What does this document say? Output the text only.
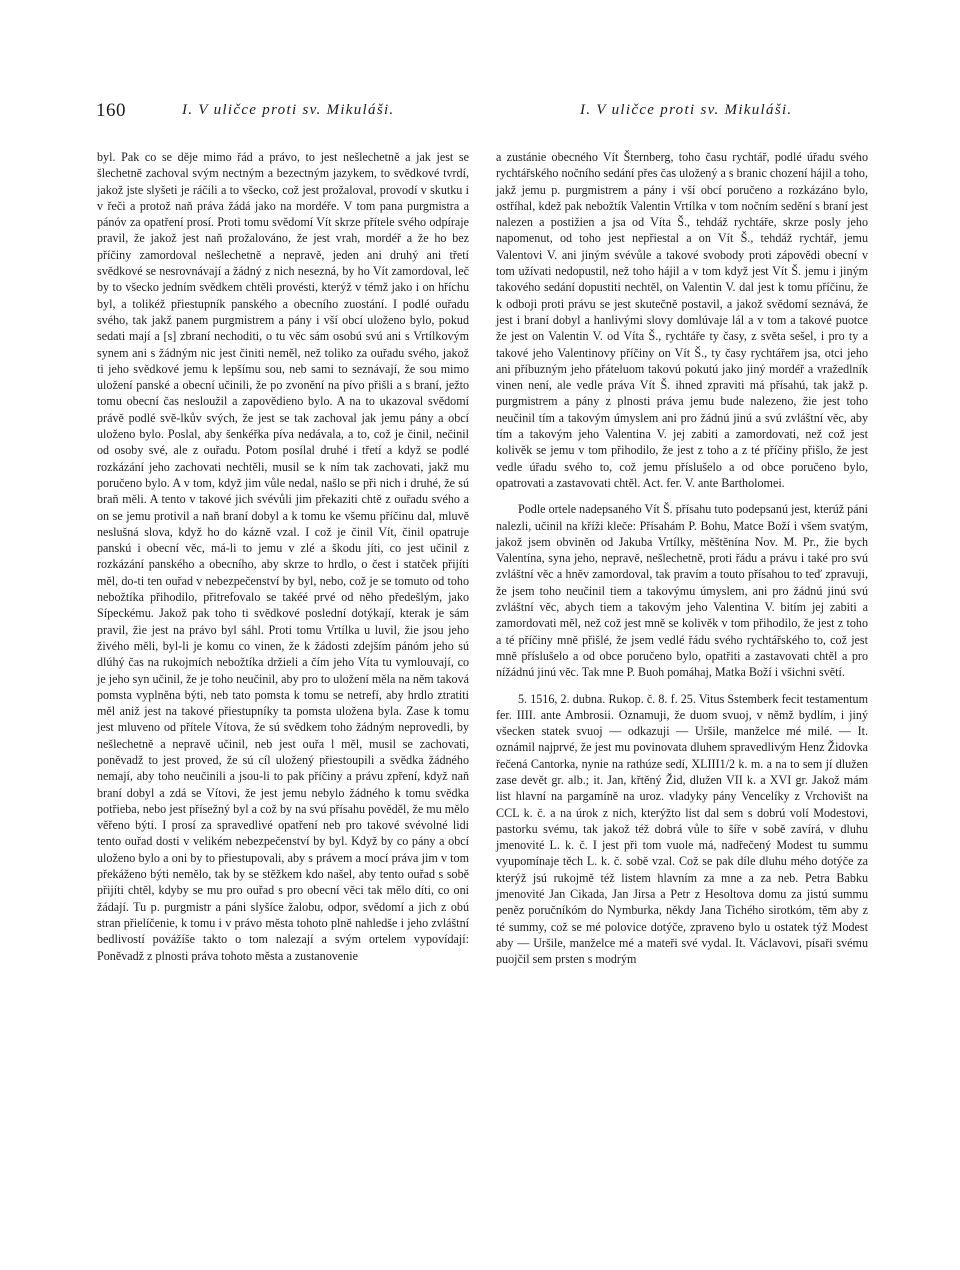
160	I. V uličce proti sv. Mikuláši.	I. V uličce proti sv. Mikuláši.

byl. Pak co se děje mimo řád a právo, to jest nešlechetně a jak jest se šlechetně zachoval svým nectným a bezectným jazykem, to svědkové tvrdí, jakož jste slyšeti je ráčili a to všecko, což jest prožaloval, provodí v skutku i v řeči a protož naň práva žádá jako na mordéře. V tom pana purgmistra a pánóv za opatření prosí. Proti tomu svědomí Vít skrze přítele svého odpíraje pravil, že jakož jest naň prožalováno, že jest vrah, mordéř a že ho bez příčiny zamordoval nešlechetně a nepravě, jeden ani druhý ani třetí svědkové se nesrovnávají a žádný z nich nesezná, by ho Vít zamordoval, leč by to všecko jedním svědkem chtěli provésti, kterýž v témž jako i on hříchu byl, a tolikéž přiestupník panského a obecního zuostání. I podlé ouřadu svého, tak jakž panem purgmistrem a pány i vší obcí uloženo bylo, pokud sedati mají a [s] zbraní nechoditi, o tu věc sám osobú svú ani s Vrtílkovým synem ani s žádným nic jest činiti neměl, než toliko za ouřadu svého, jakož ti jeho svědkové jemu k lepšímu sou, neb sami to seznávají, že sou mimo uložení panské a obecní učinili, že po zvonění na pívo přišli a s braní, ježto tomu obecní čas nesloužil a zapovědieno bylo. A na to ukazoval svědomí právě podlé svě-lkův svých, že jest se tak zachoval jak jemu pány a obcí uloženo bylo. Poslal, aby šenkéřka píva nedávala, a to, což je činil, nečinil od osoby své, ale z ouřadu. Potom posílal druhé i třetí a když se podlé rozkázání jeho zachovati nechtěli, musil se k ním tak zachovati, jakž mu poručeno bylo. A v tom, když jim vůle nedal, našlo se při nich i druhé, že sú braň měli. A tento v takové jich svévůli jim překaziti chtě z ouřadu svého a on se jemu protivil a naň braní dobyl a k tomu ke všemu příčinu dal, mluvě neslušná slova, když ho do kázně vzal. I což je činil Vít, činil opatruje panskú i obecní věc, má-li to jemu v zlé a škodu jíti, co jest učinil z rozkázání panského a obecního, aby skrze to hrdlo, o čest i statček přijíti měl, do-ti ten ouřad v nebezpečenství by byl, nebo, což je se tomuto od toho nebožtíka přihodilo, přitrefovalo se takéé prvé od něho předešlým, jako Sípeckému. Jakož pak toho ti svědkové poslední dotýkají, kterak je sám pravil, žie jest na právo byl sáhl. Proti tomu Vrtílka u luvil, žie jsou jeho živého měli, byl-li je komu co vinen, že k žádosti zdejším pánóm jeho sú dlúhý čas na rukojmích nebožtíka držieli a čím jeho Víta tu vymlouvají, co je jeho syn učinil, že je toho neučinil, aby pro to uložení měla na něm taková pomsta vyplněna býti, neb tato pomsta k tomu se netrefí, aby hrdlo ztratiti měl aniž jest na takové přiestupníky ta pomsta uložena byla. Zase k tomu jest mluveno od přítele Vítova, že sú svědkem toho žádným neprovedli, by nešlechetně a nepravě učinil, neb jest ouřa l měl, musil se zachovati, poněvadž to jest proved, že sú cíl uložený přiestoupili a svědka žádného nemají, aby toho neučinili a jsou-li to pak příčiny a právu zpření, když naň braní dobyl a zdá se Vítovi, že jest jemu nebylo žádného k tomu svědka potřieba, nebo jest přísežný byl a což by na svú přísahu pověděl, že mu mělo věřeno býti. I prosí za spravedlivé opatření neb pro takové svévolné lidi tento ouřad dosti v velikém nebezpečenství by byl. Když by co pány a obcí uloženo bylo a oni by to přiestupovali, aby s právem a mocí práva jim v tom překáženo býti nemělo, tak by se stěžkem kdo našel, aby tento ouřad s sobě přijíti chtěl, kdyby se mu pro ouřad s pro obecní věci tak mělo díti, co oni žádají. Tu p. purgmistr a páni slyšíce žalobu, odpor, svědomí a jich z obú stran přielíčenie, k tomu i v právo města tohoto plně nahledše i jeho zvláštní bedlivostí povážíše takto o tom nalezají a svým ortelem vypovídají: Poněvadž z plnosti práva tohoto města a zustanovenie

a zustánie obecného Vít Šternberg, toho času rychtář, podlé úřadu svého rychtářského nočního sedání přes čas uložený a s branic chození hájil a toho, jakž jemu p. purgmistrem a pány i vší obcí poručeno a rozkázáno bylo, ostříhal, kdež pak nebožtík Valentin Vrtílka v tom nočním sedění s braní jest nalezen a postižien a jsa od Víta Š., tehdáž rychtáře, skrze posly jeho napomenut, od toho jest nepřiestal a on Vít Š., tehdáž rychtář, jemu Valentovi V. ani jiným svévůle a takové svobody proti zápovědi obecní v tom užívati nedopustil, než toho hájil a v tom když jest Vít Š. jemu i jiným takového sedání dopustiti nechtěl, on Valentin V. dal jest k tomu příčinu, že k odboji proti právu se jest skutečně postavil, a jakož svědomí seznává, že jest i braní dobyl a hanlivými slovy domlúvaje lál a v tom a takové puotce že jest on Valentin V. od Víta Š., rychtáře ty časy, z světa sešel, i pro ty a takové jeho Valentinovy příčiny on Vít Š., ty časy rychtářem jsa, otci jeho ani příbuzným jeho přáteluom takovú pokutú jako jiný mordéř a vražedlník vinen není, ale vedle práva Vít Š. ihned zpraviti má přísahú, tak jakž p. purgmistrem a pány z plnosti práva jemu bude nalezeno, žie jest toho neučinil tím a takovým úmyslem ani pro žádnú jinú a svú zvláštní věc, aby tím a takovým jeho Valentina V. jej zabiti a zamordovati, než což jest kolivěk se jemu v tom přihodilo, že jest z toho a z té příčiny přišlo, že jest vedle úřadu svého to, což jemu příslušelo a od obce poručeno bylo, opatrovati a zastavovati chtěl. Act. fer. V. ante Bartholomei.

Podle ortele nadepsaného Vít Š. přísahu tuto podepsanú jest, kterúž páni nalezli, učinil na kříži kleče: Přísahám P. Bohu, Matce Boží i všem svatým, jakož jsem obviněn od Jakuba Vrtílky, měštěnína Nov. M. Pr., žie bych Valentína, syna jeho, nepravě, nešlechetně, proti řádu a právu i také pro svú zvláštní věc a hněv zamordoval, tak pravím a touto přísahou to teď zpravuji, že jsem toho neučinil tiem a takovýmu úmyslem, ani pro žádnú jinú svú zvláštní věc, abych tiem a takovým jeho Valentina V. bitím jej zabiti a zamordovati měl, než což jest mně se kolivěk v tom přihodilo, že jest z toho a té příčiny mně přišlé, že jsem vedlé řádu svého rychtářského to, což jest mně příslušelo a od obce poručeno bylo, opatřiti a zastavovati chtěl a pro nížádnú jinú věc. Tak mne P. Buoh pomáhaj, Matka Boží i všichni světí.

5. 1516, 2. dubna. Rukop. č. 8. f. 25. Vitus Sstemberk fecit testamentum fer. IIII. ante Ambrosii. Oznamuji, že duom svuoj, v němž bydlím, i jiný všecken statek svuoj — odkazuji — Uršile, manželce mé milé. — It. oznámil najprvé, že jest mu povinovata dluhem spravedlivým Henz Židovka řečená Cantorka, nynie na rathúze sedí, XLIII1/2 k. m. a na to sem jí dlužen zase devět gr. alb.; it. Jan, křtěný Žid, dlužen VII k. a XVI gr. Jakož mám list hlavní na pargamíně na uroz. vladyky pány Vencelíky z Vrchovišt na CCL k. č. a na úrok z nich, kterýžto list dal sem s dobrú volí Modestovi, pastorku svému, tak jakož též dobrá vůle to šíře v sobě zavírá, v dluhu jmenovité L. k. č. I jest při tom vuole má, nadřečený Modest tu summu vyupomínaje těch L. k. č. sobě vzal. Což se pak díle dluhu mého dotýče za kterýž jsú rukojmě též listem hlavním za mne a za neb. Petra Babku jmenovité Jan Cikada, Jan Jirsa a Petr z Hesoltova domu za jistú summu peněz poručníkóm do Nymburka, někdy Jana Tichého sirotkóm, těm aby z té summy, což se mé polovice dotýče, zpraveno bylo u ostatek týž Modest aby — Uršile, manželce mé a mateři své vydal. It. Václavovi, písaři svému puojčil sem prsten s modrým
